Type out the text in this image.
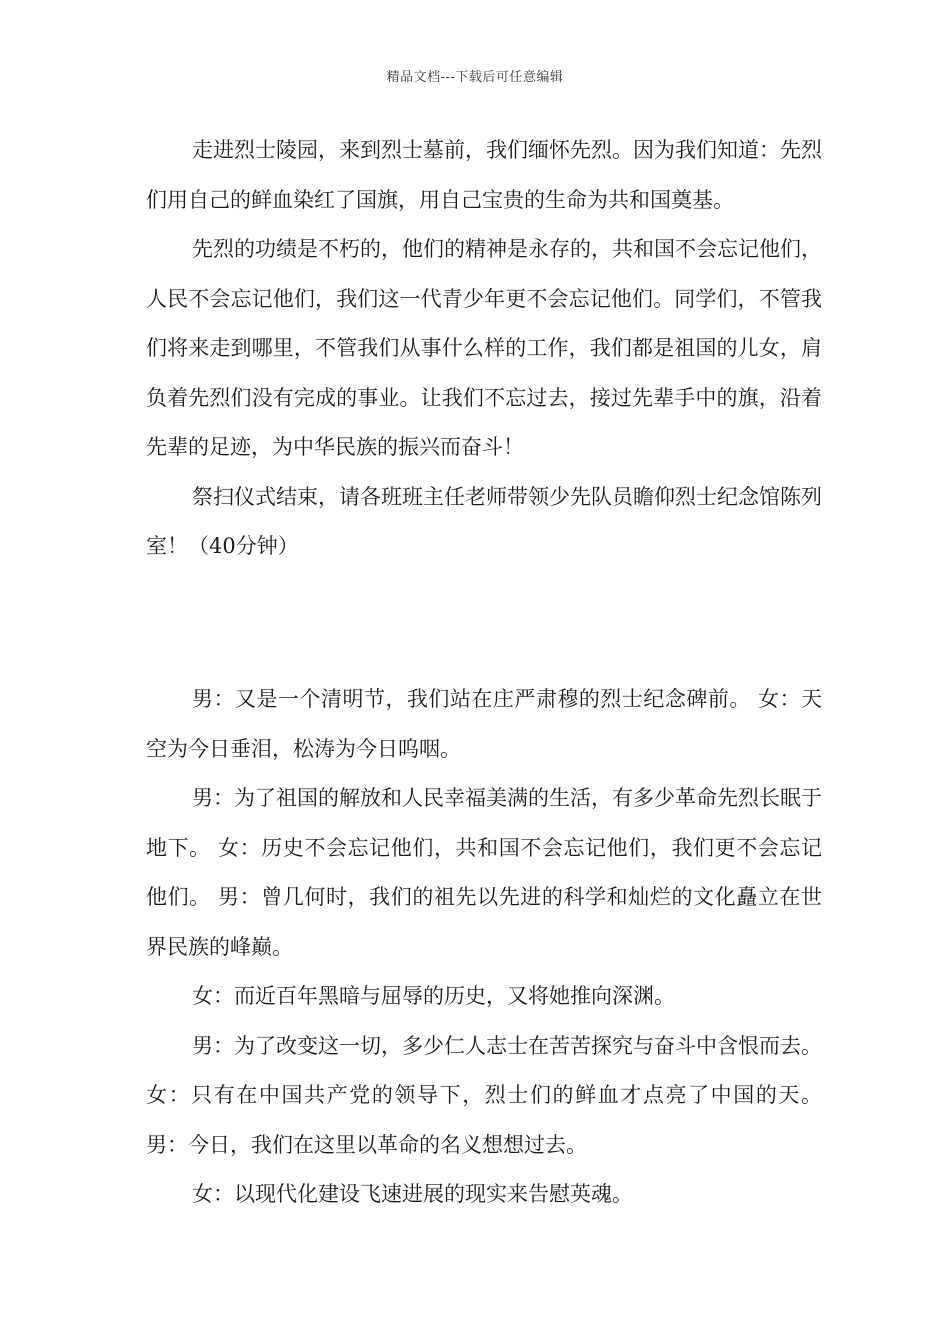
精品文档---下载后可任意编辑

走进烈士陵园，来到烈士墓前，我们缅怀先烈。因为我们知道：先烈们用自己的鲜血染红了国旗，用自己宝贵的生命为共和国奠基。

先烈的功绩是不朽的，他们的精神是永存的，共和国不会忘记他们，人民不会忘记他们，我们这一代青少年更不会忘记他们。同学们，不管我们将来走到哪里，不管我们从事什么样的工作，我们都是祖国的儿女，肩负着先烈们没有完成的事业。让我们不忘过去，接过先辈手中的旗，沿着先辈的足迹，为中华民族的振兴而奋斗！

祭扫仪式结束，请各班班主任老师带领少先队员瞻仰烈士纪念馆陈列室！（40分钟）

男：又是一个清明节，我们站在庄严肃穆的烈士纪念碑前。 女：天空为今日垂泪，松涛为今日呜咽。

男：为了祖国的解放和人民幸福美满的生活，有多少革命先烈长眠于地下。 女：历史不会忘记他们，共和国不会忘记他们，我们更不会忘记他们。 男：曾几何时，我们的祖先以先进的科学和灿烂的文化矗立在世界民族的峰巅。

女：而近百年黑暗与屈辱的历史，又将她推向深渊。

男：为了改变这一切，多少仁人志士在苦苦探究与奋斗中含恨而去。 女：只有在中国共产党的领导下，烈士们的鲜血才点亮了中国的天。 男：今日，我们在这里以革命的名义想想过去。

女：以现代化建设飞速进展的现实来告慰英魂。
